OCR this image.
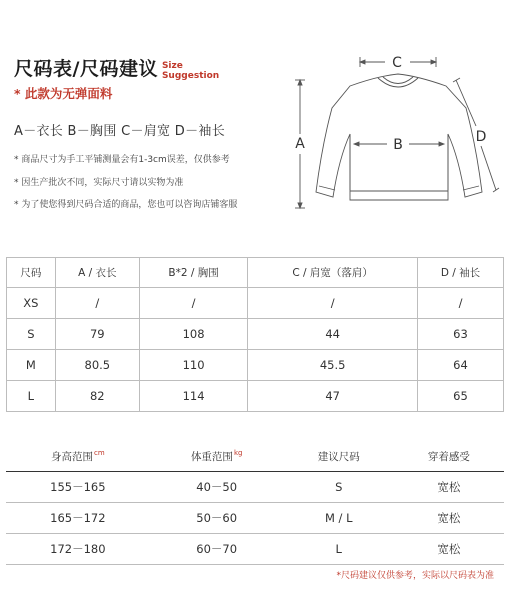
尺码表/尺码建议 Size
Suggestion
* 此款为无弹面料
A－衣长 B－胸围 C－肩宽 D－袖长
* 商品尺寸为手工平铺测量会有1-3cm误差，仅供参考
* 因生产批次不同，实际尺寸请以实物为准
* 为了使您得到尺码合适的商品，您也可以咨询店铺客服
C
A	B	D
尺码	A / 衣长	B*2 / 胸围	C / 肩宽（落肩）	D / 袖长
XS	/	/	/	/
S	79	108	44	63
M	80.5	110	45.5	64
L	82	114	47	65
身高范围$^{cm}$	体重范围$^{kg}$	建议尺码	穿着感受
155－165	40－50	S	宽松
165－172	50－60	M / L	宽松
172－180	60－70	L	宽松
*尺码建议仅供参考，实际以尺码表为准
